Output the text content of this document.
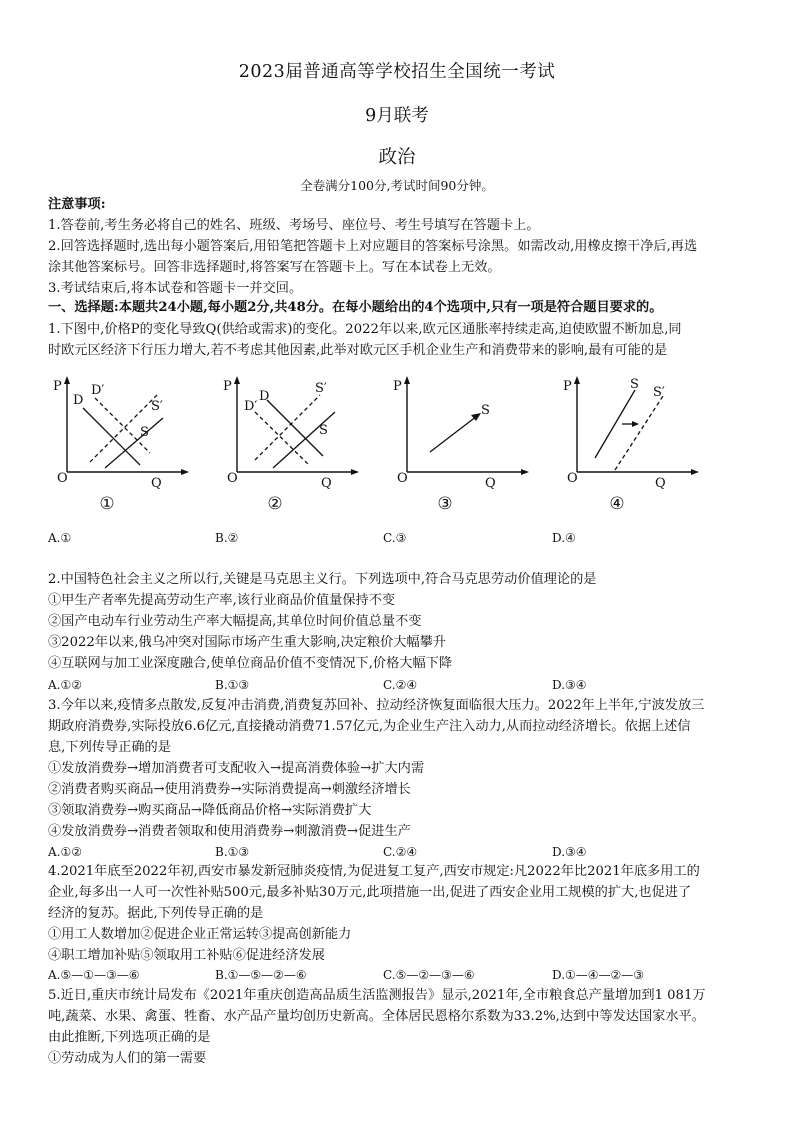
2023届普通高等学校招生全国统一考试
9月联考
政治
全卷满分100分,考试时间90分钟。
注意事项:
1.答卷前,考生务必将自己的姓名、班级、考场号、座位号、考生号填写在答题卡上。
2.回答选择题时,选出每小题答案后,用铅笔把答题卡上对应题目的答案标号涂黑。如需改动,用橡皮擦干净后,再选
涂其他答案标号。回答非选择题时,将答案写在答题卡上。写在本试卷上无效。
3.考试结束后,将本试卷和答题卡一并交回。
一、选择题:本题共24小题,每小题2分,共48分。在每小题给出的4个选项中,只有一项是符合题目要求的。
1.下图中,价格P的变化导致Q(供给或需求)的变化。2022年以来,欧元区通胀率持续走高,迫使欧盟不断加息,同
时欧元区经济下行压力增大,若不考虑其他因素,此举对欧元区手机企业生产和消费带来的影响,最有可能的是
P
O	Q
D
D′
S
S′
P
O	Q
D′
D
S′
S
P
O	Q
S
P
O	Q
S
S′
①	②	③	④
A.①	B.②	C.③	D.④
2.中国特色社会主义之所以行,关键是马克思主义行。下列选项中,符合马克思劳动价值理论的是
①甲生产者率先提高劳动生产率,该行业商品价值量保持不变
②国产电动车行业劳动生产率大幅提高,其单位时间价值总量不变
③2022年以来,俄乌冲突对国际市场产生重大影响,决定粮价大幅攀升
④互联网与加工业深度融合,使单位商品价值不变情况下,价格大幅下降
A.①②	B.①③	C.②④	D.③④
3.今年以来,疫情多点散发,反复冲击消费,消费复苏回补、拉动经济恢复面临很大压力。2022年上半年,宁波发放三
期政府消费券,实际投放6.6亿元,直接撬动消费71.57亿元,为企业生产注入动力,从而拉动经济增长。依据上述信
息,下列传导正确的是
①发放消费券→增加消费者可支配收入→提高消费体验→扩大内需
②消费者购买商品→使用消费券→实际消费提高→刺激经济增长
③领取消费券→购买商品→降低商品价格→实际消费扩大
④发放消费券→消费者领取和使用消费券→刺激消费→促进生产
A.①②	B.①③	C.②④	D.③④
4.2021年底至2022年初,西安市暴发新冠肺炎疫情,为促进复工复产,西安市规定:凡2022年比2021年底多用工的
企业,每多出一人可一次性补贴500元,最多补贴30万元,此项措施一出,促进了西安企业用工规模的扩大,也促进了
经济的复苏。据此,下列传导正确的是
①用工人数增加②促进企业正常运转③提高创新能力
④职工增加补贴⑤领取用工补贴⑥促进经济发展
A.⑤—①—③—⑥	B.①—⑤—②—⑥	C.⑤—②—③—⑥	D.①—④—②—③
5.近日,重庆市统计局发布《2021年重庆创造高品质生活监测报告》显示,2021年,全市粮食总产量增加到1 081万
吨,蔬菜、水果、禽蛋、牲畜、水产品产量均创历史新高。全体居民恩格尔系数为33.2%,达到中等发达国家水平。
由此推断,下列选项正确的是
①劳动成为人们的第一需要
